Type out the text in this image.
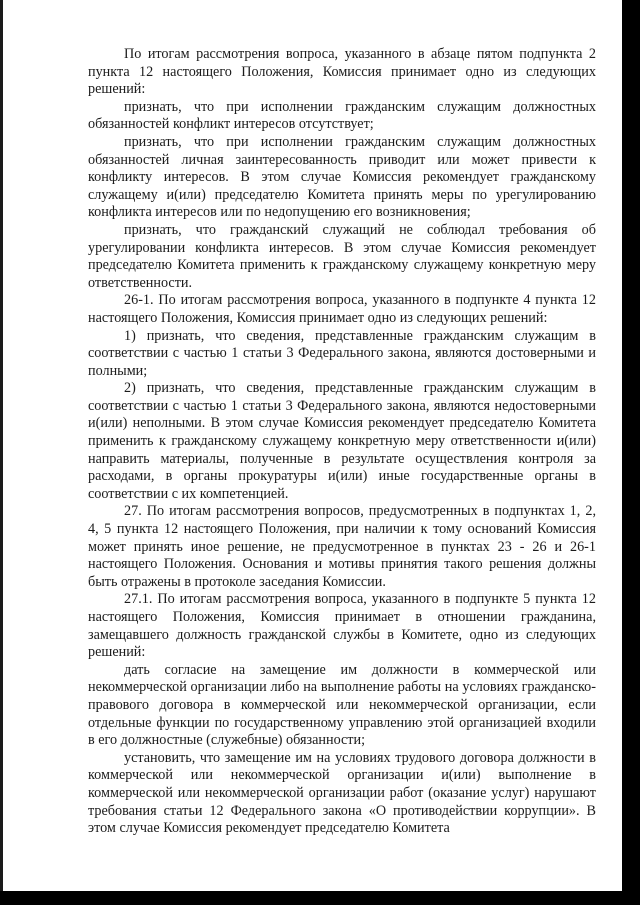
По итогам рассмотрения вопроса, указанного в абзаце пятом подпункта 2 пункта 12 настоящего Положения, Комиссия принимает одно из следующих решений:

признать, что при исполнении гражданским служащим должностных обязанностей конфликт интересов отсутствует;

признать, что при исполнении гражданским служащим должностных обязанностей личная заинтересованность приводит или может привести к конфликту интересов. В этом случае Комиссия рекомендует гражданскому служащему и(или) председателю Комитета принять меры по урегулированию конфликта интересов или по недопущению его возникновения;

признать, что гражданский служащий не соблюдал требования об урегулировании конфликта интересов. В этом случае Комиссия рекомендует председателю Комитета применить к гражданскому служащему конкретную меру ответственности.

26-1. По итогам рассмотрения вопроса, указанного в подпункте 4 пункта 12 настоящего Положения, Комиссия принимает одно из следующих решений:

1) признать, что сведения, представленные гражданским служащим в соответствии с частью 1 статьи 3 Федерального закона, являются достоверными и полными;

2) признать, что сведения, представленные гражданским служащим в соответствии с частью 1 статьи 3 Федерального закона, являются недостоверными и(или) неполными. В этом случае Комиссия рекомендует председателю Комитета применить к гражданскому служащему конкретную меру ответственности и(или) направить материалы, полученные в результате осуществления контроля за расходами, в органы прокуратуры и(или) иные государственные органы в соответствии с их компетенцией.

27. По итогам рассмотрения вопросов, предусмотренных в подпунктах 1, 2, 4, 5 пункта 12 настоящего Положения, при наличии к тому оснований Комиссия может принять иное решение, не предусмотренное в пунктах 23 - 26 и 26-1 настоящего Положения. Основания и мотивы принятия такого решения должны быть отражены в протоколе заседания Комиссии.

27.1. По итогам рассмотрения вопроса, указанного в подпункте 5 пункта 12 настоящего Положения, Комиссия принимает в отношении гражданина, замещавшего должность гражданской службы в Комитете, одно из следующих решений:

дать согласие на замещение им должности в коммерческой или некоммерческой организации либо на выполнение работы на условиях гражданско-правового договора в коммерческой или некоммерческой организации, если отдельные функции по государственному управлению этой организацией входили в его должностные (служебные) обязанности;

установить, что замещение им на условиях трудового договора должности в коммерческой или некоммерческой организации и(или) выполнение в коммерческой или некоммерческой организации работ (оказание услуг) нарушают требования статьи 12 Федерального закона «О противодействии коррупции». В этом случае Комиссия рекомендует председателю Комитета
